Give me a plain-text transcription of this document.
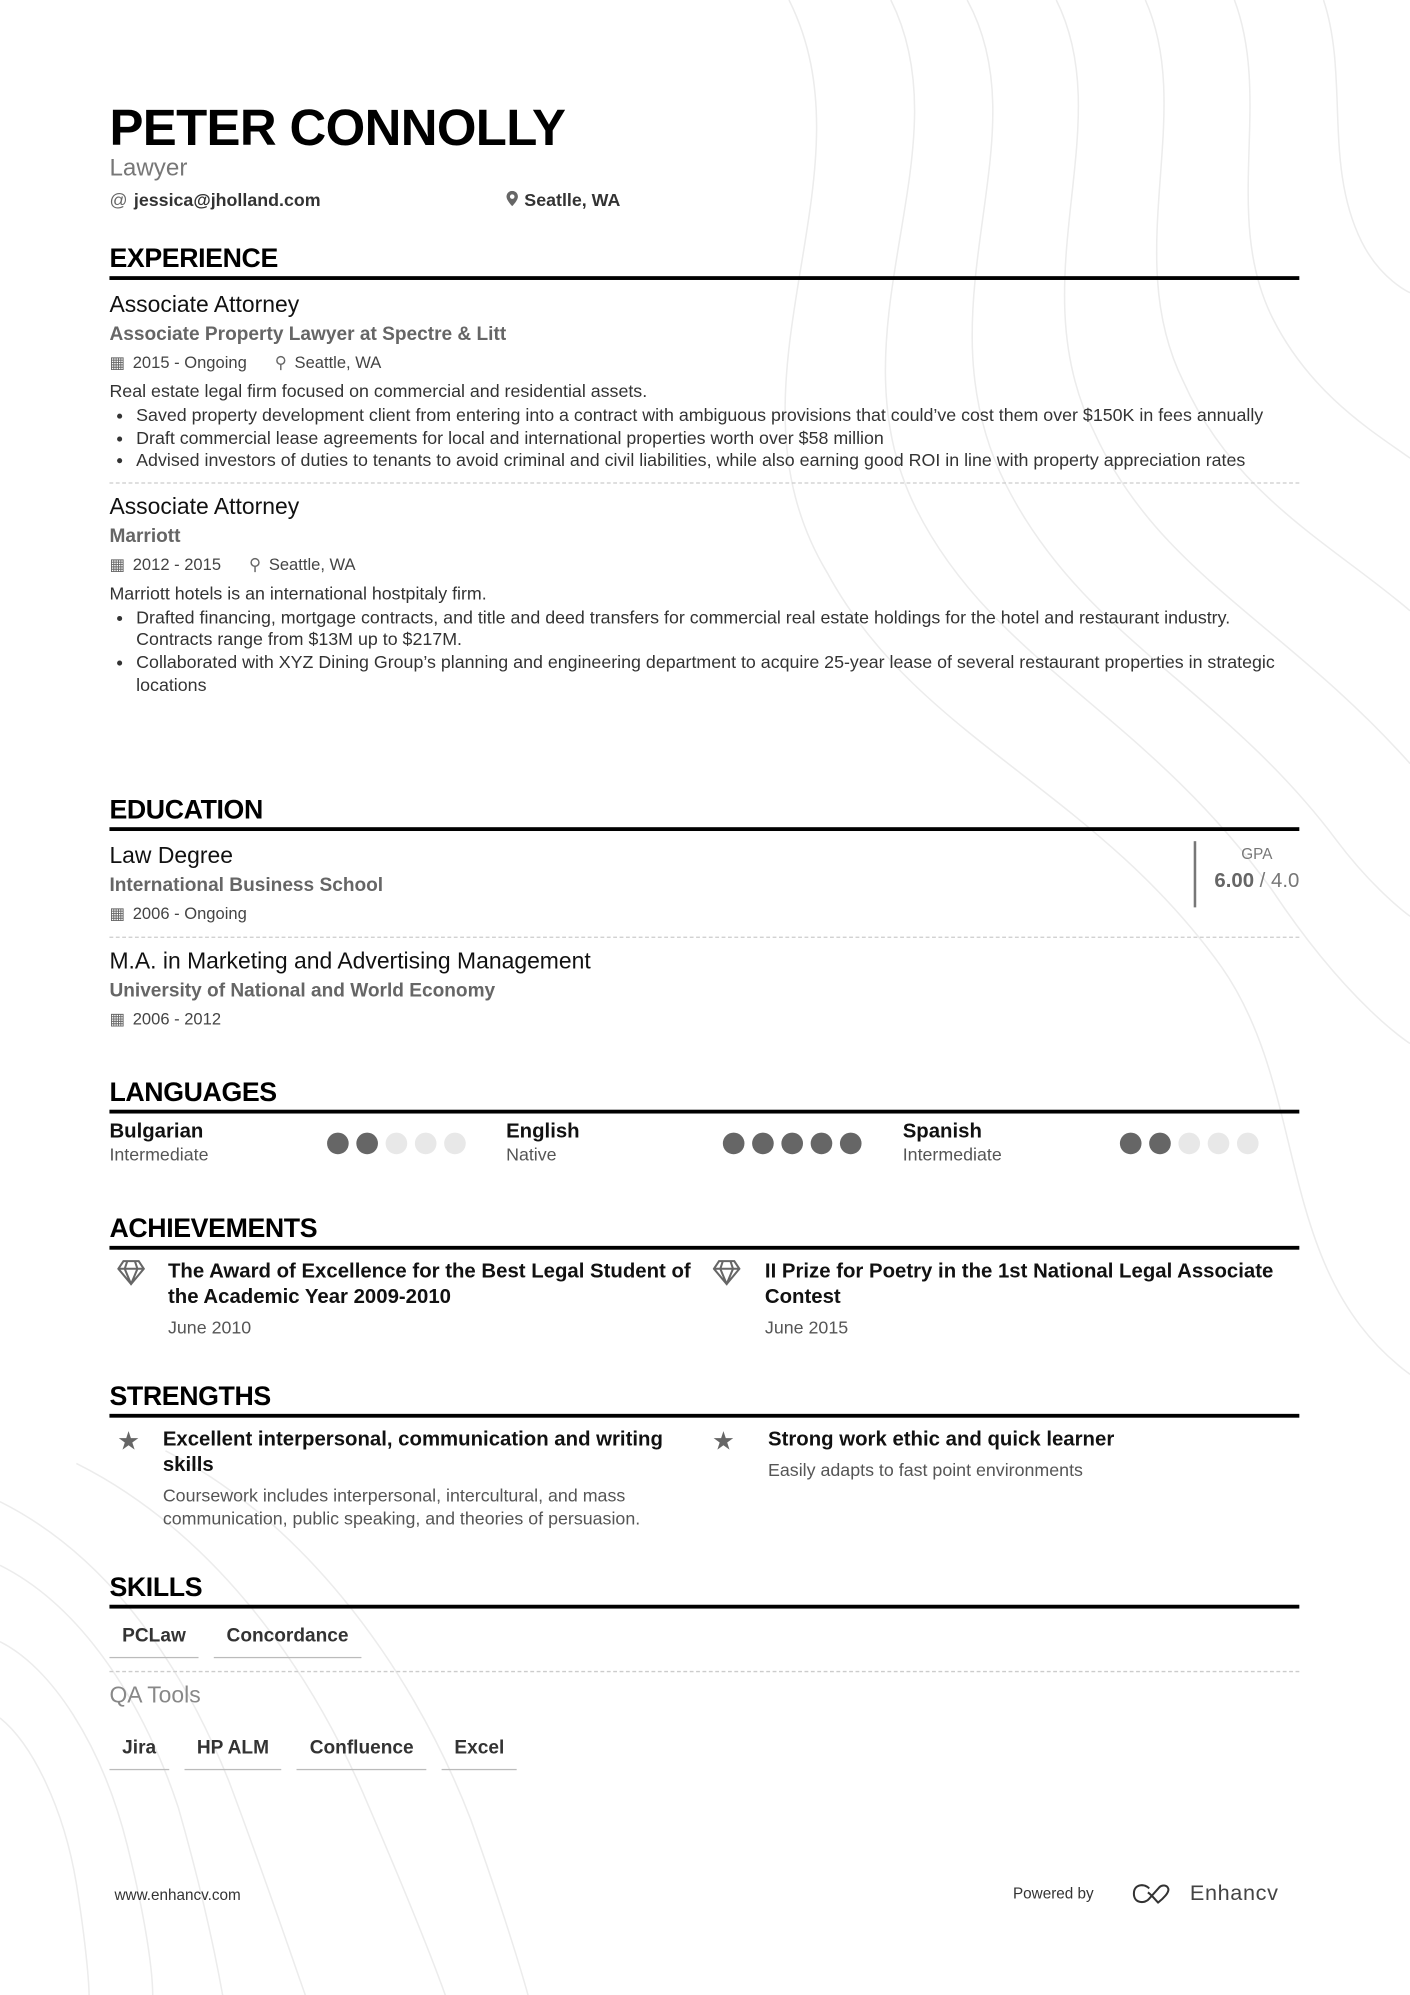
PETER CONNOLLY
Lawyer
@ jessica@jholland.com	Seatlle, WA
EXPERIENCE
Associate Attorney
Associate Property Lawyer at Spectre & Litt
▦ 2015 - Ongoing ⚲ Seattle, WA
Real estate legal firm focused on commercial and residential assets.
• Saved property development client from entering into a contract with ambiguous provisions that could’ve cost them over $150K in fees annually
• Draft commercial lease agreements for local and international properties worth over $58 million
• Advised investors of duties to tenants to avoid criminal and civil liabilities, while also earning good ROI in line with property appreciation rates
Associate Attorney
Marriott
▦ 2012 - 2015 ⚲ Seattle, WA
Marriott hotels is an international hostpitaly firm.
• Drafted financing, mortgage contracts, and title and deed transfers for commercial real estate holdings for the hotel and restaurant industry. Contracts range from $13M up to $217M.
• Collaborated with XYZ Dining Group’s planning and engineering department to acquire 25-year lease of several restaurant properties in strategic locations
EDUCATION
Law Degree
International Business School
▦ 2006 - Ongoing
GPA
6.00 / 4.0
M.A. in Marketing and Advertising Management
University of National and World Economy
▦ 2006 - 2012
LANGUAGES
Bulgarian
Intermediate
English
Native
Spanish
Intermediate
ACHIEVEMENTS
The Award of Excellence for the Best Legal Student of the Academic Year 2009-2010
June 2010
II Prize for Poetry in the 1st National Legal Associate Contest
June 2015
STRENGTHS
★ Excellent interpersonal, communication and writing skills
Coursework includes interpersonal, intercultural, and mass communication, public speaking, and theories of persuasion.
★	Strong work ethic and quick learner
Easily adapts to fast point environments
SKILLS
PCLaw	Concordance
QA Tools
Jira	HP ALM	Confluence	Excel
www.enhancv.com	Powered by	Enhancv
